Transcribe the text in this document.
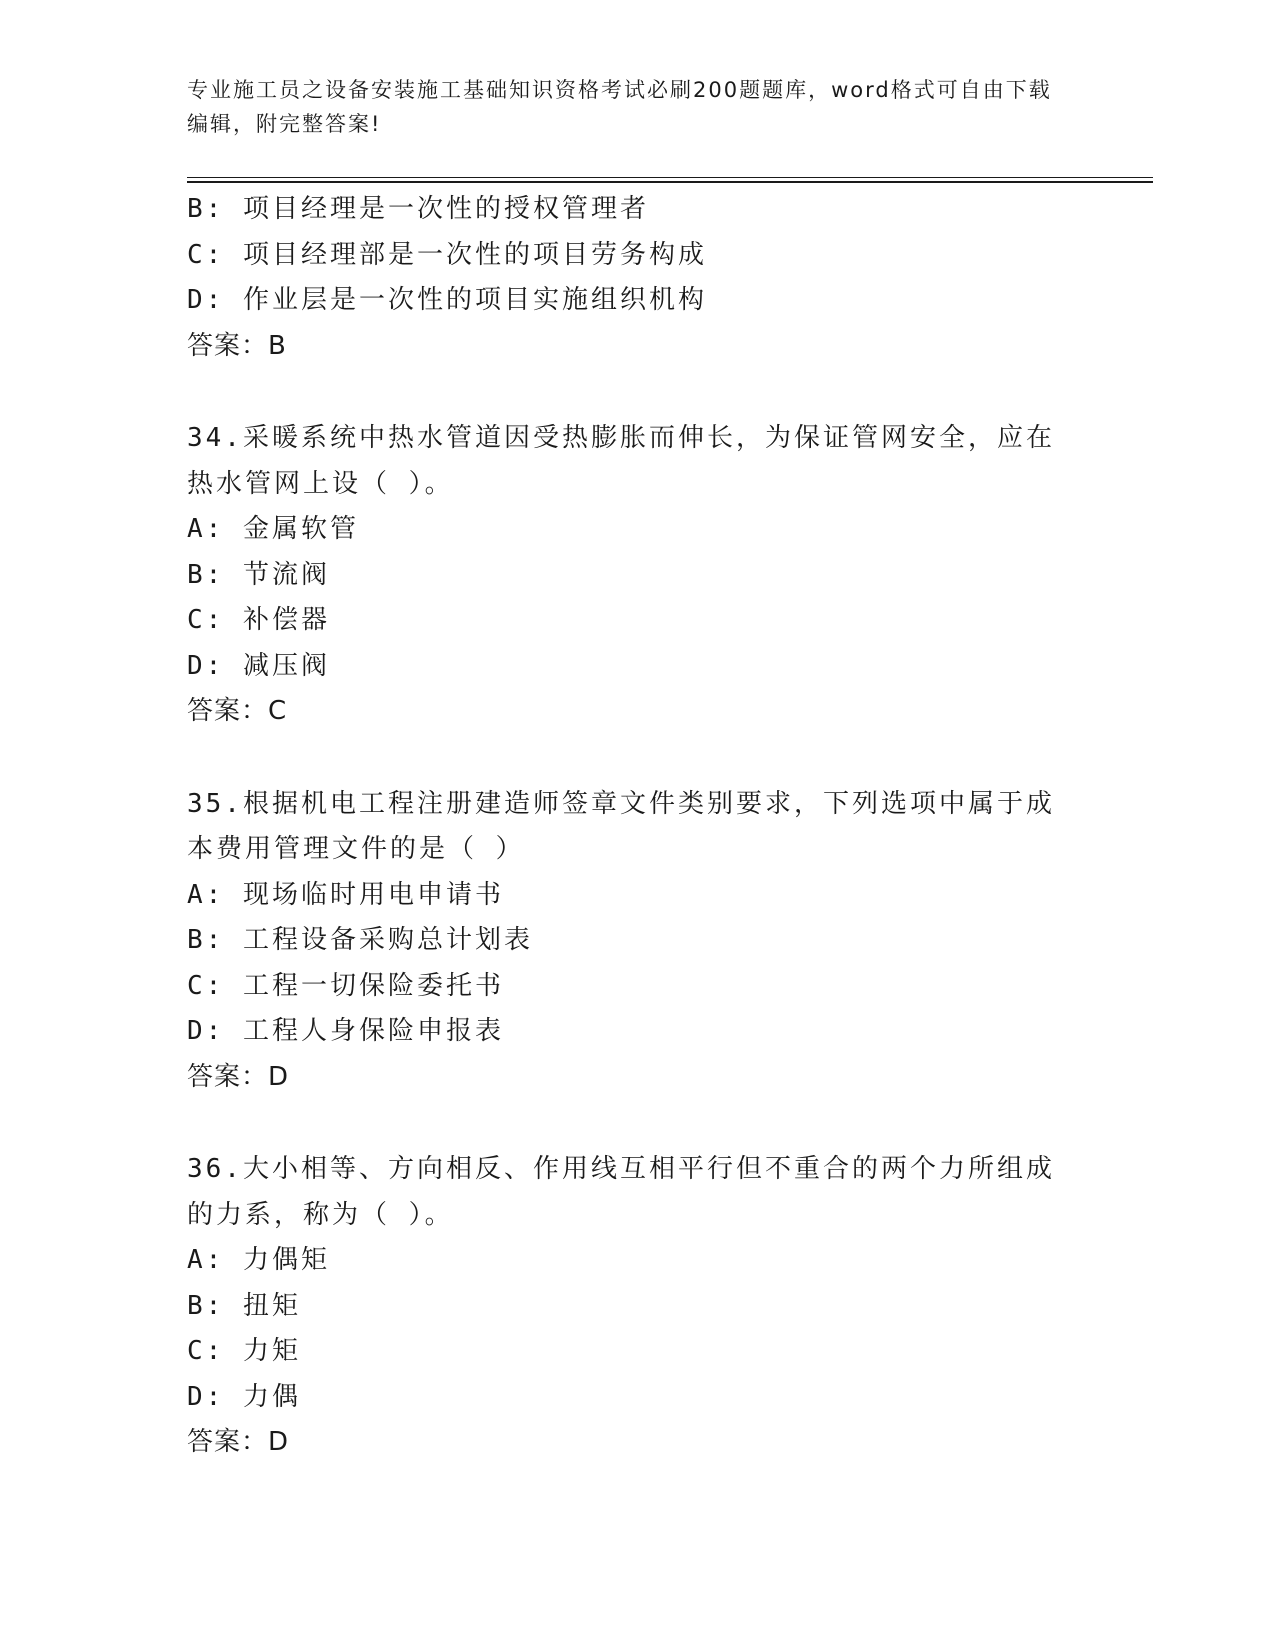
专业施工员之设备安装施工基础知识资格考试必刷200题题库，word格式可自由下载编辑，附完整答案!
B: 项目经理是一次性的授权管理者
C: 项目经理部是一次性的项目劳务构成
D: 作业层是一次性的项目实施组织机构
答案：B
34.采暖系统中热水管道因受热膨胀而伸长，为保证管网安全，应在热水管网上设（ ）。
A: 金属软管
B: 节流阀
C: 补偿器
D: 减压阀
答案：C
35.根据机电工程注册建造师签章文件类别要求，下列选项中属于成本费用管理文件的是（ ）
A: 现场临时用电申请书
B: 工程设备采购总计划表
C: 工程一切保险委托书
D: 工程人身保险申报表
答案：D
36.大小相等、方向相反、作用线互相平行但不重合的两个力所组成的力系，称为（ ）。
A: 力偶矩
B: 扭矩
C: 力矩
D: 力偶
答案：D
